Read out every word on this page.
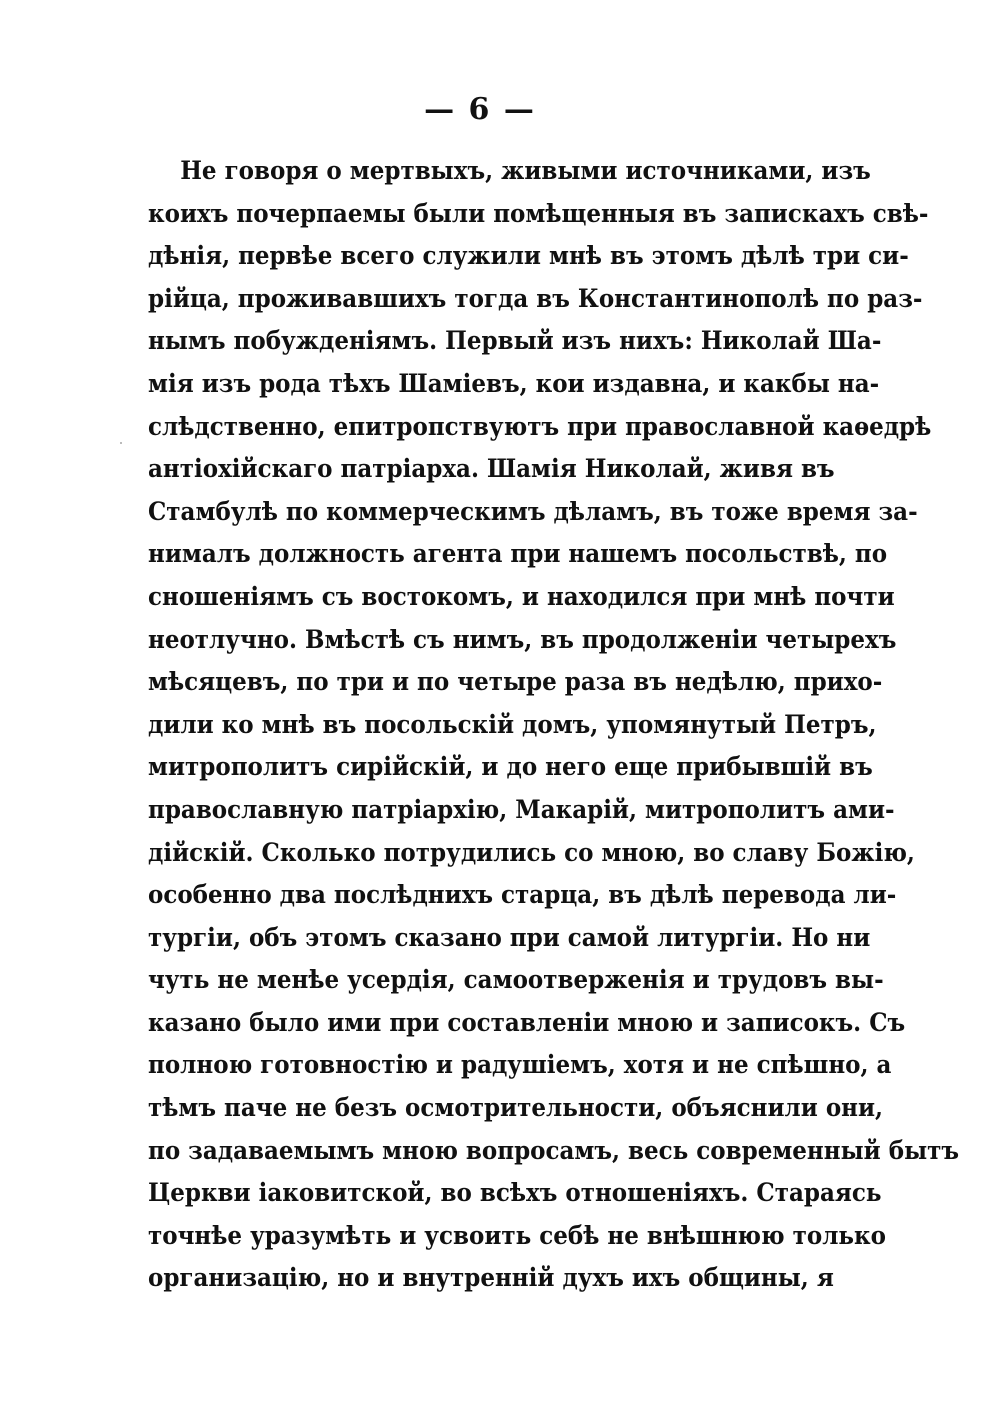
— 6 —
Не говоря о мертвыхъ, живыми источниками, изъ
коихъ почерпаемы были помѣщенныя въ запискахъ свѣ-
дѣнія, первѣе всего служили мнѣ въ этомъ дѣлѣ три си-
рійца, проживавшихъ тогда въ Константинополѣ по раз-
нымъ побужденіямъ. Первый изъ нихъ: Николай Ша-
мія изъ рода тѣхъ Шаміевъ, кои издавна, и какбы на-
слѣдственно, епитропствуютъ при православной каѳедрѣ
антіохійскаго патріарха. Шамія Николай, живя въ
Стамбулѣ по коммерческимъ дѣламъ, въ тоже время за-
нималъ должность агента при нашемъ посольствѣ, по
сношеніямъ съ востокомъ, и находился при мнѣ почти
неотлучно. Вмѣстѣ съ нимъ, въ продолженіи четырехъ
мѣсяцевъ, по три и по четыре раза въ недѣлю, прихо-
дили ко мнѣ въ посольскій домъ, упомянутый Петръ,
митрополитъ сирійскій, и до него еще прибывшій въ
православную патріархію, Макарій, митрополитъ ами-
дійскій. Сколько потрудились со мною, во славу Божію,
особенно два послѣднихъ старца, въ дѣлѣ перевода ли-
тургіи, объ этомъ сказано при самой литургіи. Но ни
чуть не менѣе усердія, самоотверженія и трудовъ вы-
казано было ими при составленіи мною и записокъ. Съ
полною готовностію и радушіемъ, хотя и не спѣшно, а
тѣмъ паче не безъ осмотрительности, объяснили они,
по задаваемымъ мною вопросамъ, весь современный бытъ
Церкви іаковитской, во всѣхъ отношеніяхъ. Стараясь
точнѣе уразумѣть и усвоить себѣ не внѣшнюю только
организацію, но и внутренній духъ ихъ общины, я
